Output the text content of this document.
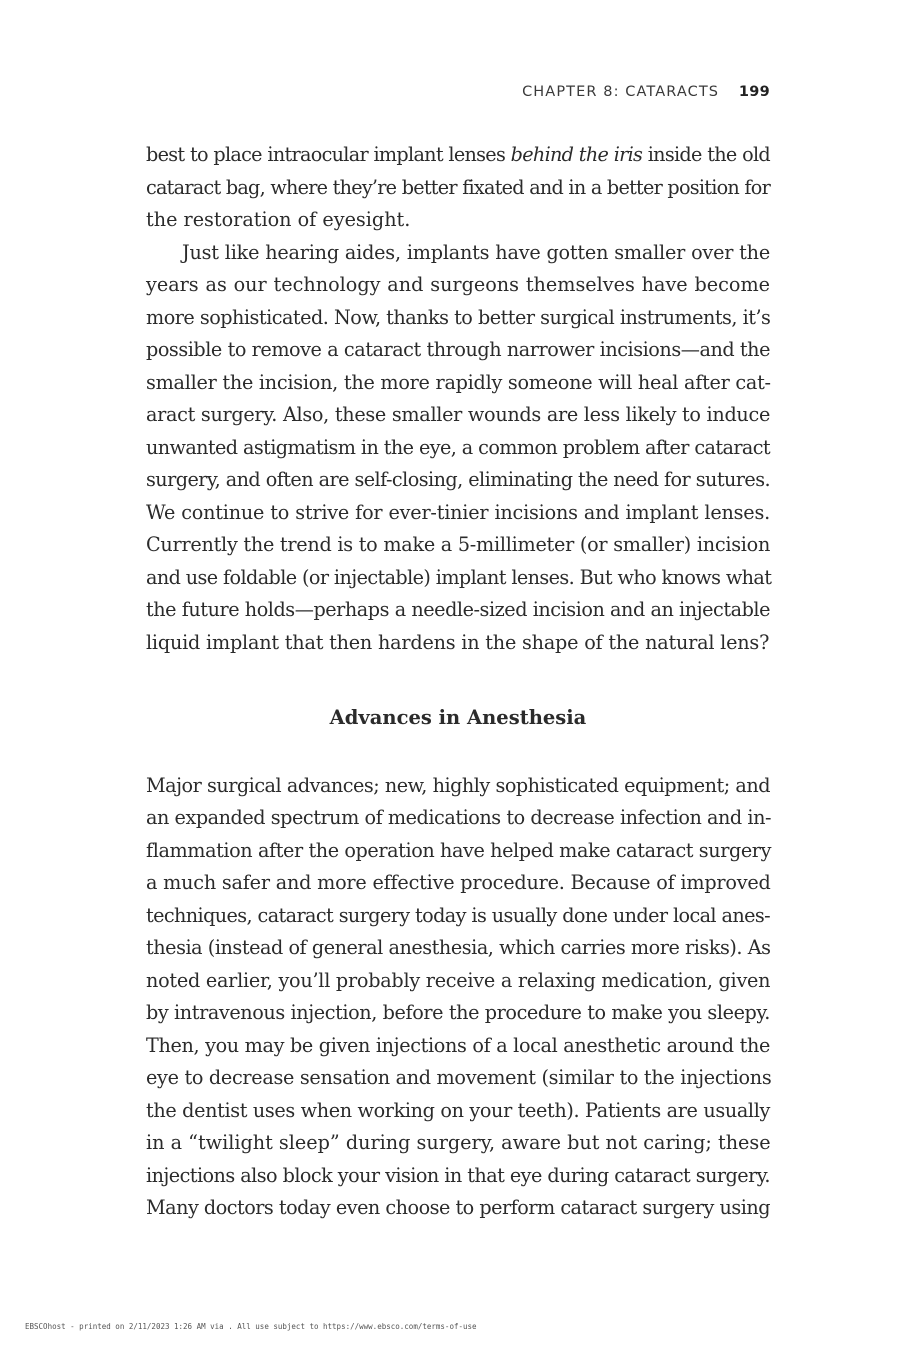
CHAPTER 8: CATARACTS 199
best to place intraocular implant lenses behind the iris inside the old
cataract bag, where they’re better fixated and in a better position for
the restoration of eyesight.
Just like hearing aides, implants have gotten smaller over the
years as our technology and surgeons themselves have become
more sophisticated. Now, thanks to better surgical instruments, it’s
possible to remove a cataract through narrower incisions—and the
smaller the incision, the more rapidly someone will heal after cat-
aract surgery. Also, these smaller wounds are less likely to induce
unwanted astigmatism in the eye, a common problem after cataract
surgery, and often are self-closing, eliminating the need for sutures.
We continue to strive for ever-tinier incisions and implant lenses.
Currently the trend is to make a 5-millimeter (or smaller) incision
and use foldable (or injectable) implant lenses. But who knows what
the future holds—perhaps a needle-sized incision and an injectable
liquid implant that then hardens in the shape of the natural lens?
Advances in Anesthesia
Major surgical advances; new, highly sophisticated equipment; and
an expanded spectrum of medications to decrease infection and in-
flammation after the operation have helped make cataract surgery
a much safer and more effective procedure. Because of improved
techniques, cataract surgery today is usually done under local anes-
thesia (instead of general anesthesia, which carries more risks). As
noted earlier, you’ll probably receive a relaxing medication, given
by intravenous injection, before the procedure to make you sleepy.
Then, you may be given injections of a local anesthetic around the
eye to decrease sensation and movement (similar to the injections
the dentist uses when working on your teeth). Patients are usually
in a “twilight sleep” during surgery, aware but not caring; these
injections also block your vision in that eye during cataract surgery.
Many doctors today even choose to perform cataract surgery using
EBSCOhost - printed on 2/11/2023 1:26 AM via . All use subject to https://www.ebsco.com/terms-of-use
